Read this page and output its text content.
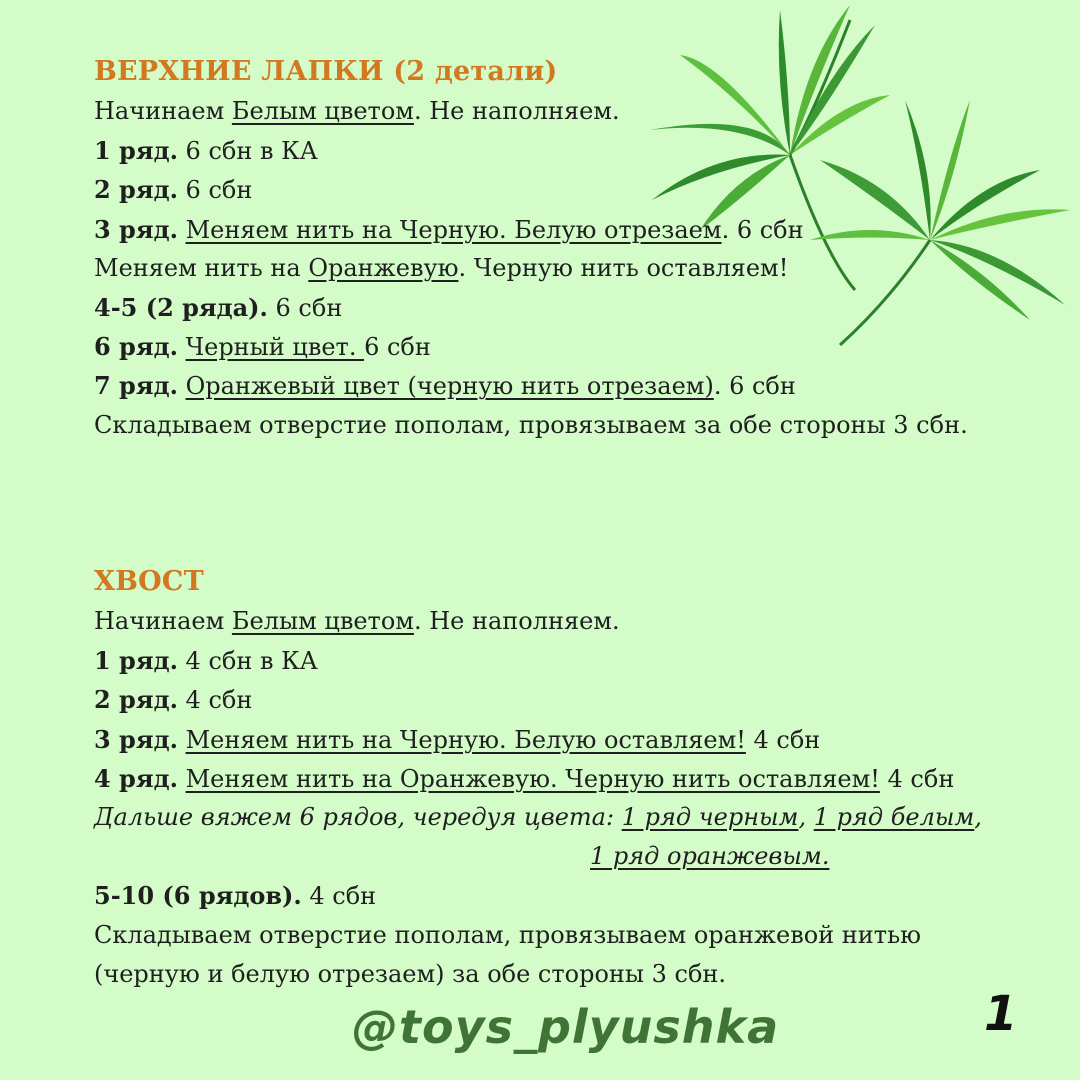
ВЕРХНИЕ ЛАПКИ (2 детали)
Начинаем Белым цветом. Не наполняем.
1 ряд. 6 сбн в КА
2 ряд. 6 сбн
3 ряд. Меняем нить на Черную. Белую отрезаем. 6 сбн
Меняем нить на Оранжевую. Черную нить оставляем!
4-5 (2 ряда). 6 сбн
6 ряд. Черный цвет. 6 сбн
7 ряд. Оранжевый цвет (черную нить отрезаем). 6 сбн
Складываем отверстие пополам, провязываем за обе стороны 3 сбн.
ХВОСТ
Начинаем Белым цветом. Не наполняем.
1 ряд. 4 сбн в КА
2 ряд. 4 сбн
3 ряд. Меняем нить на Черную. Белую оставляем! 4 сбн
4 ряд. Меняем нить на Оранжевую. Черную нить оставляем! 4 сбн
Дальше вяжем 6 рядов, чередуя цвета: 1 ряд черным, 1 ряд белым,
1 ряд оранжевым.
5-10 (6 рядов). 4 сбн
Складываем отверстие пополам, провязываем оранжевой нитью
(черную и белую отрезаем) за обе стороны 3 сбн.
@toys_plyushka	1
